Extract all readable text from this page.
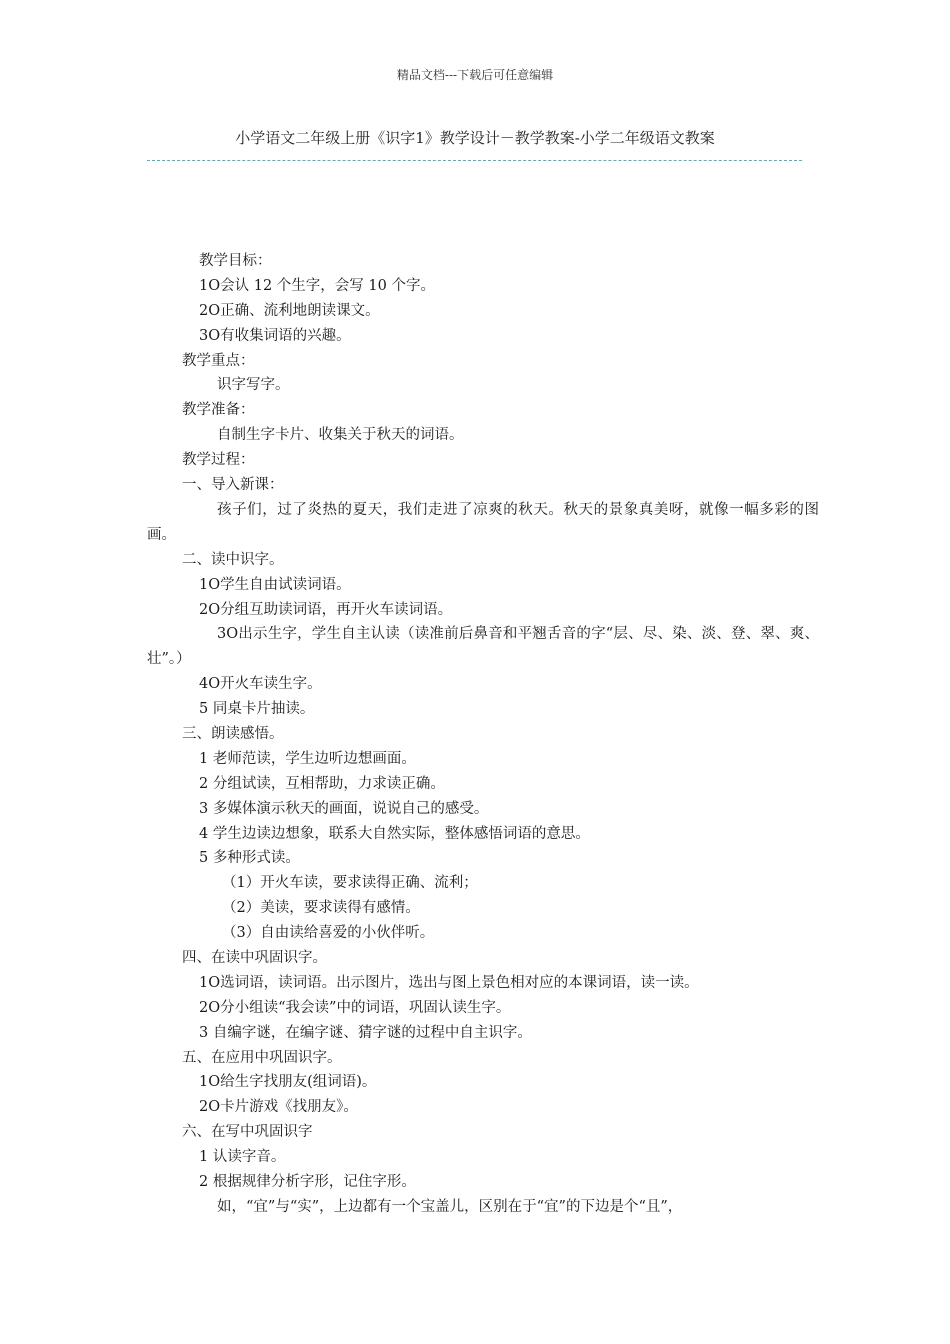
精品文档---下载后可任意编辑
小学语文二年级上册《识字1》教学设计－教学教案-小学二年级语文教案
教学目标：
1O会认 12 个生字，会写 10 个字。
2O正确、流利地朗读课文。
3O有收集词语的兴趣。
教学重点：
识字写字。
教学准备：
自制生字卡片、收集关于秋天的词语。
教学过程：
一、导入新课：
孩子们，过了炎热的夏天，我们走进了凉爽的秋天。秋天的景象真美呀，就像一幅多彩的图画。
二、读中识字。
1O学生自由试读词语。
2O分组互助读词语，再开火车读词语。
3O出示生字，学生自主认读（读准前后鼻音和平翘舌音的字“层、尽、染、淡、登、翠、爽、壮”。）
4O开火车读生字。
5 同桌卡片抽读。
三、朗读感悟。
1 老师范读，学生边听边想画面。
2 分组试读，互相帮助，力求读正确。
3 多媒体演示秋天的画面，说说自己的感受。
4 学生边读边想象，联系大自然实际，整体感悟词语的意思。
5 多种形式读。
（1）开火车读，要求读得正确、流利；
（2）美读，要求读得有感情。
（3）自由读给喜爱的小伙伴听。
四、在读中巩固识字。
1O选词语，读词语。出示图片，选出与图上景色相对应的本课词语，读一读。
2O分小组读“我会读”中的词语，巩固认读生字。
3 自编字谜，在编字谜、猜字谜的过程中自主识字。
五、在应用中巩固识字。
1O给生字找朋友(组词语)。
2O卡片游戏《找朋友》。
六、在写中巩固识字
1 认读字音。
2 根据规律分析字形，记住字形。
如，“宜”与“实”，上边都有一个宝盖儿，区别在于“宜”的下边是个“且”，
